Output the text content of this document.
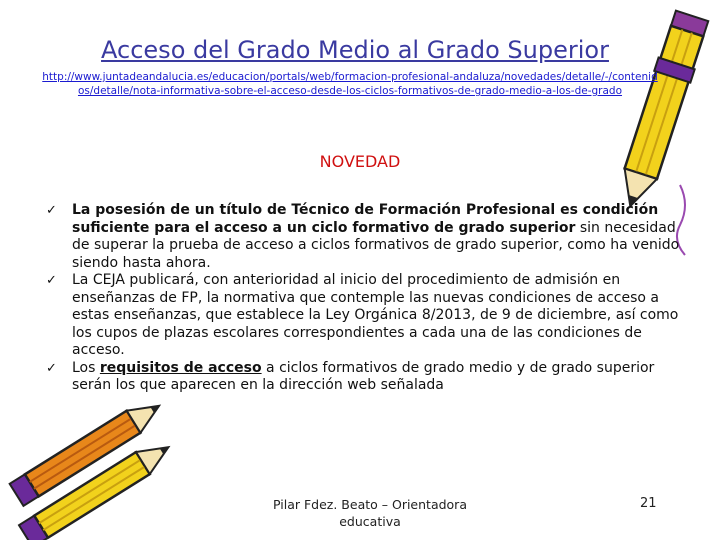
Acceso del Grado Medio al Grado Superior
http://www.juntadeandalucia.es/educacion/portals/web/formacion-profesional-andaluza/novedades/detalle/-/contenidos/detalle/nota-informativa-sobre-el-acceso-desde-los-ciclos-formativos-de-grado-medio-a-los-de-grado
NOVEDAD
✓ La posesión de un título de Técnico de Formación Profesional es condición suficiente para el acceso a un ciclo formativo de grado superior sin necesidad de superar la prueba de acceso a ciclos formativos de grado superior, como ha venido siendo hasta ahora.
✓ La CEJA publicará, con anterioridad al inicio del procedimiento de admisión en enseñanzas de FP, la normativa que contemple las nuevas condiciones de acceso a estas enseñanzas, que establece la Ley Orgánica 8/2013, de 9 de diciembre, así como los cupos de plazas escolares correspondientes a cada una de las condiciones de acceso.
✓ Los requisitos de acceso a ciclos formativos de grado medio y de grado superior serán los que aparecen en la dirección web señalada
Pilar Fdez. Beato – Orientadora educativa
21
